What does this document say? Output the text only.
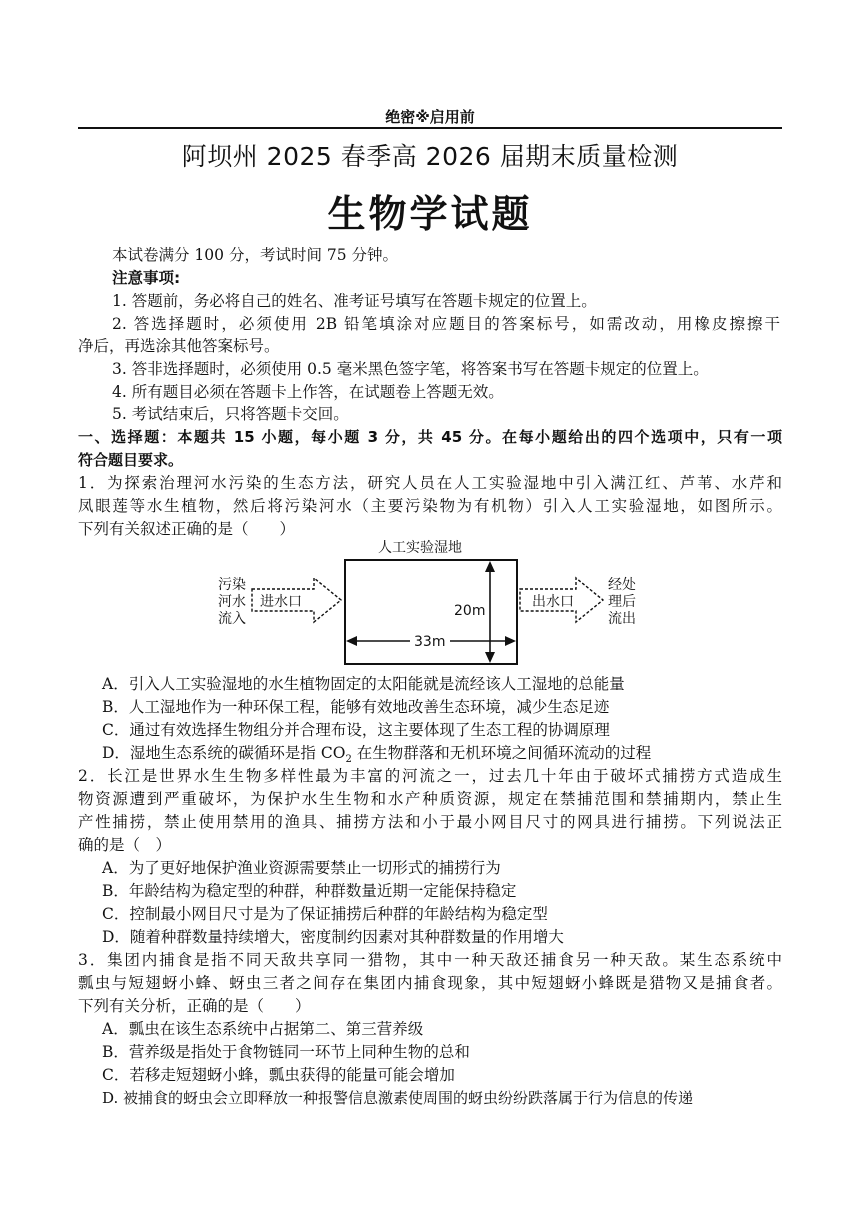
绝密※启用前
阿坝州 2025 春季高 2026 届期末质量检测
生物学试题
本试卷满分 100 分，考试时间 75 分钟。
注意事项:
1. 答题前，务必将自己的姓名、准考证号填写在答题卡规定的位置上。
2. 答选择题时，必须使用 2B 铅笔填涂对应题目的答案标号，如需改动，用橡皮擦擦干
净后，再选涂其他答案标号。
3. 答非选择题时，必须使用 0.5 毫米黑色签字笔，将答案书写在答题卡规定的位置上。
4. 所有题目必须在答题卡上作答，在试题卷上答题无效。
5. 考试结束后，只将答题卡交回。
一、选择题：本题共 15 小题，每小题 3 分，共 45 分。在每小题给出的四个选项中，只有一项
符合题目要求。
1．为探索治理河水污染的生态方法，研究人员在人工实验湿地中引入满江红、芦苇、水芹和
凤眼莲等水生植物，然后将污染河水（主要污染物为有机物）引入人工实验湿地，如图所示。
下列有关叙述正确的是（　　）
人工实验湿地
污染
河水
流入
进水口	出水口
经处
理后
流出
20m
33m
A．引入人工实验湿地的水生植物固定的太阳能就是流经该人工湿地的总能量
B．人工湿地作为一种环保工程，能够有效地改善生态环境，减少生态足迹
C．通过有效选择生物组分并合理布设，这主要体现了生态工程的协调原理
D．湿地生态系统的碳循环是指 $CO_2$ 在生物群落和无机环境之间循环流动的过程
2．长江是世界水生生物多样性最为丰富的河流之一，过去几十年由于破坏式捕捞方式造成生
物资源遭到严重破坏，为保护水生生物和水产种质资源，规定在禁捕范围和禁捕期内，禁止生
产性捕捞，禁止使用禁用的渔具、捕捞方法和小于最小网目尺寸的网具进行捕捞。下列说法正
确的是（　）
A．为了更好地保护渔业资源需要禁止一切形式的捕捞行为
B．年龄结构为稳定型的种群，种群数量近期一定能保持稳定
C．控制最小网目尺寸是为了保证捕捞后种群的年龄结构为稳定型
D．随着种群数量持续增大，密度制约因素对其种群数量的作用增大
3．集团内捕食是指不同天敌共享同一猎物，其中一种天敌还捕食另一种天敌。某生态系统中
瓢虫与短翅蚜小蜂、蚜虫三者之间存在集团内捕食现象，其中短翅蚜小蜂既是猎物又是捕食者。
下列有关分析，正确的是（　　）
A．瓢虫在该生态系统中占据第二、第三营养级
B．营养级是指处于食物链同一环节上同种生物的总和
C．若移走短翅蚜小蜂，瓢虫获得的能量可能会增加
D. 被捕食的蚜虫会立即释放一种报警信息激素使周围的蚜虫纷纷跌落属于行为信息的传递
